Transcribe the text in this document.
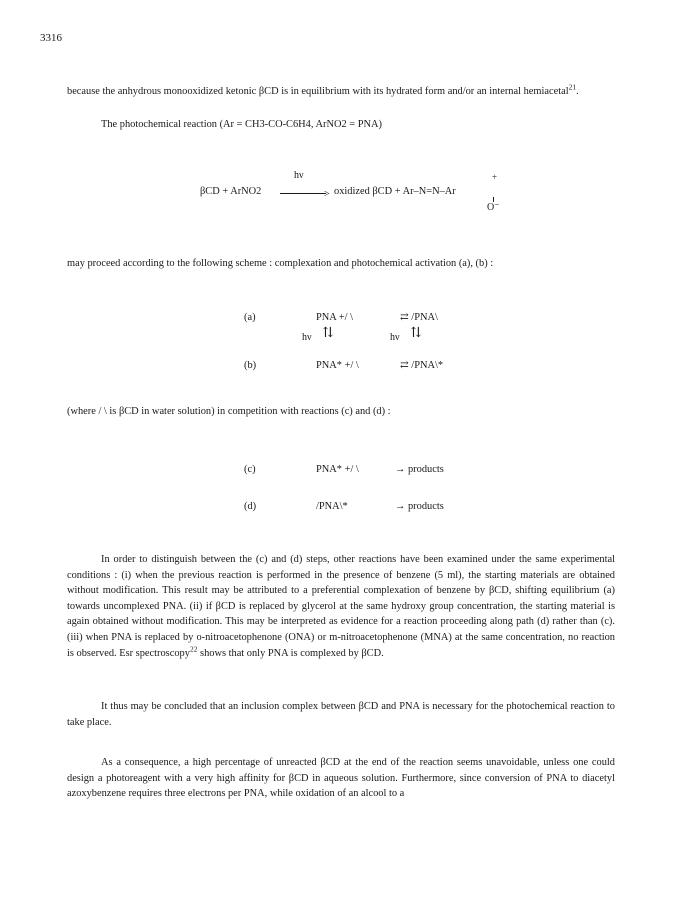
3316
because the anhydrous monooxidized ketonic βCD is in equilibrium with its hydrated form and/or an internal hemiacetal$^{21}$.
The photochemical reaction (Ar = CH3-CO-C6H4, ArNO2 = PNA)
βCD + ArNO2
hν
> oxidized βCD + Ar–N=N–Ar
+
O⁻
may proceed according to the following scheme : complexation and photochemical activation (a), (b) :
(a)	PNA +/ \	⇄ /PNA\
hν ⇅	hν ⇅
(b)	PNA* +/ \	⇄ /PNA\*
(where / \ is βCD in water solution) in competition with reactions (c) and (d) :
(c)	PNA* +/ \	→ products
(d)	/PNA\*	→ products
In order to distinguish between the (c) and (d) steps, other reactions have been examined under the same experimental conditions : (i) when the previous reaction is performed in the presence of benzene (5 ml), the starting materials are obtained without modification. This result may be attributed to a preferential complexation of benzene by βCD, shifting equilibrium (a) towards uncomplexed PNA. (ii) if βCD is replaced by glycerol at the same hydroxy group concentration, the starting material is again obtained without modification. This may be interpreted as evidence for a reaction proceeding along path (d) rather than (c). (iii) when PNA is replaced by o-nitroacetophenone (ONA) or m-nitroacetophenone (MNA) at the same concentration, no reaction is observed. Esr spectroscopy$^{22}$ shows that only PNA is complexed by βCD.
It thus may be concluded that an inclusion complex between βCD and PNA is necessary for the photochemical reaction to take place.
As a consequence, a high percentage of unreacted βCD at the end of the reaction seems unavoidable, unless one could design a photoreagent with a very high affinity for βCD in aqueous solution. Furthermore, since conversion of PNA to diacetyl azoxybenzene requires three electrons per PNA, while oxidation of an alcool to a
